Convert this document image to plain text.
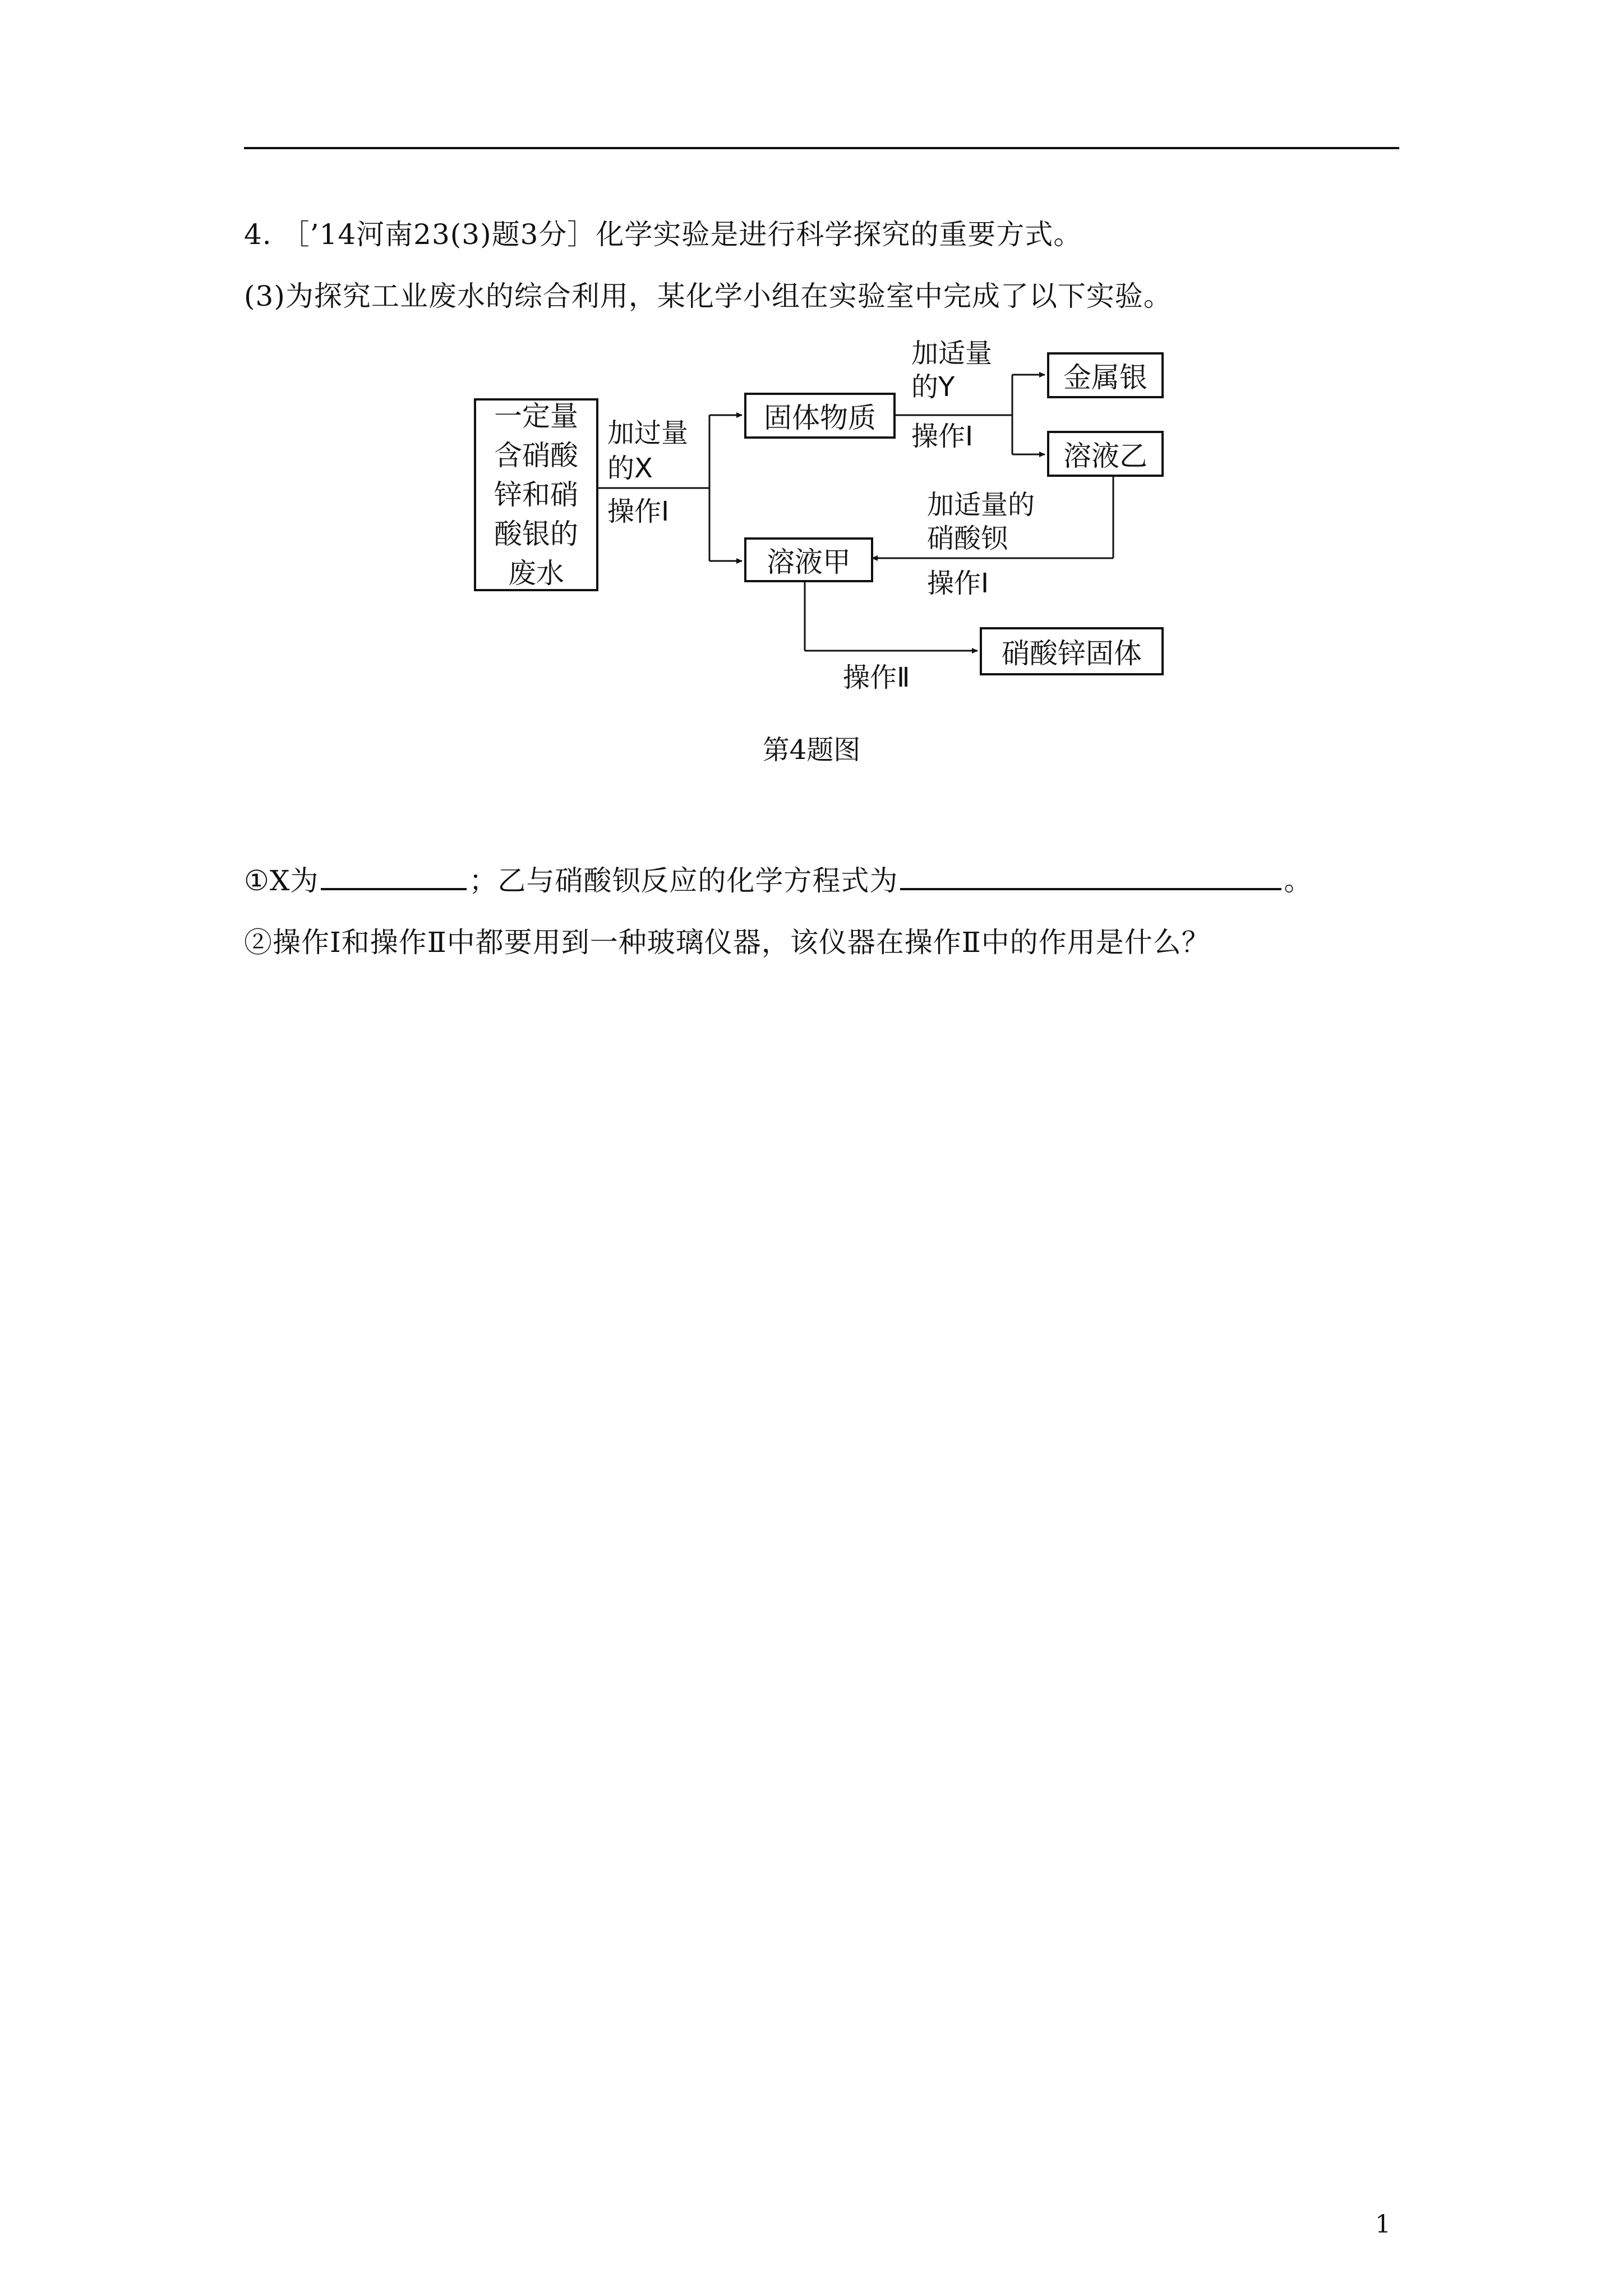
4. ［’14河南23(3)题3分］化学实验是进行科学探究的重要方式。
(3)为探究工业废水的综合利用，某化学小组在实验室中完成了以下实验。
一定量
含硝酸
锌和硝
酸银的
废水
固体物质
金属银
溶液乙
溶液甲
硝酸锌固体
加过量
的X
操作Ⅰ
加适量
的Y
操作Ⅰ
加适量的
硝酸钡
操作Ⅰ
操作Ⅱ
第4题图
①X为	；乙与硝酸钡反应的化学方程式为	。
②操作Ⅰ和操作Ⅱ中都要用到一种玻璃仪器，该仪器在操作Ⅱ中的作用是什么？
1
